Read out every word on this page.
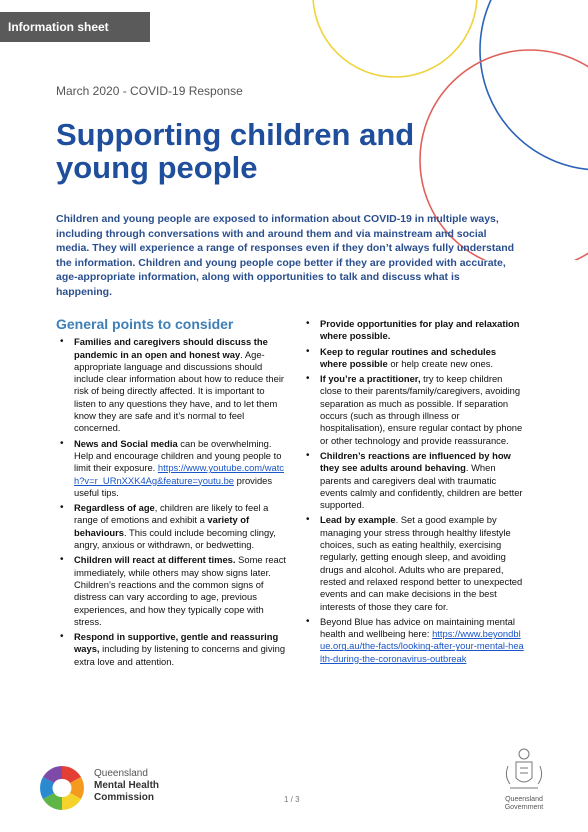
Information sheet
March 2020 - COVID-19 Response
Supporting children and young people

Children and young people are exposed to information about COVID-19 in multiple ways, including through conversations with and around them and via mainstream and social media. They will experience a range of responses even if they don’t always fully understand the information. Children and young people cope better if they are provided with accurate, age-appropriate information, along with opportunities to talk and discuss what is happening.

General points to consider
• Families and caregivers should discuss the pandemic in an open and honest way. Age-appropriate language and discussions should include clear information about how to reduce their risk of being directly affected. It is important to listen to any questions they have, and to let them know they are safe and it’s normal to feel concerned.
• News and Social media can be overwhelming. Help and encourage children and young people to limit their exposure. https://www.youtube.com/watch?v=r_URnXXK4Ag&feature=youtu.be provides useful tips.
• Regardless of age, children are likely to feel a range of emotions and exhibit a variety of behaviours. This could include becoming clingy, angry, anxious or withdrawn, or bedwetting.
• Children will react at different times. Some react immediately, while others may show signs later. Children’s reactions and the common signs of distress can vary according to age, previous experiences, and how they typically cope with stress.
• Respond in supportive, gentle and reassuring ways, including by listening to concerns and giving extra love and attention.
• Provide opportunities for play and relaxation where possible.
• Keep to regular routines and schedules where possible or help create new ones.
• If you’re a practitioner, try to keep children close to their parents/family/caregivers, avoiding separation as much as possible. If separation occurs (such as through illness or hospitalisation), ensure regular contact by phone or other technology and provide reassurance.
• Children’s reactions are influenced by how they see adults around behaving. When parents and caregivers deal with traumatic events calmly and confidently, children are better supported.
• Lead by example. Set a good example by managing your stress through healthy lifestyle choices, such as eating healthily, exercising regularly, getting enough sleep, and avoiding drugs and alcohol. Adults who are prepared, rested and relaxed respond better to unexpected events and can make decisions in the best interests of those they care for.
• Beyond Blue has advice on maintaining mental health and wellbeing here: https://www.beyondblue.org.au/the-facts/looking-after-your-mental-health-during-the-coronavirus-outbreak
Queensland
Mental Health
Commission	1 / 3	Queensland
Government
